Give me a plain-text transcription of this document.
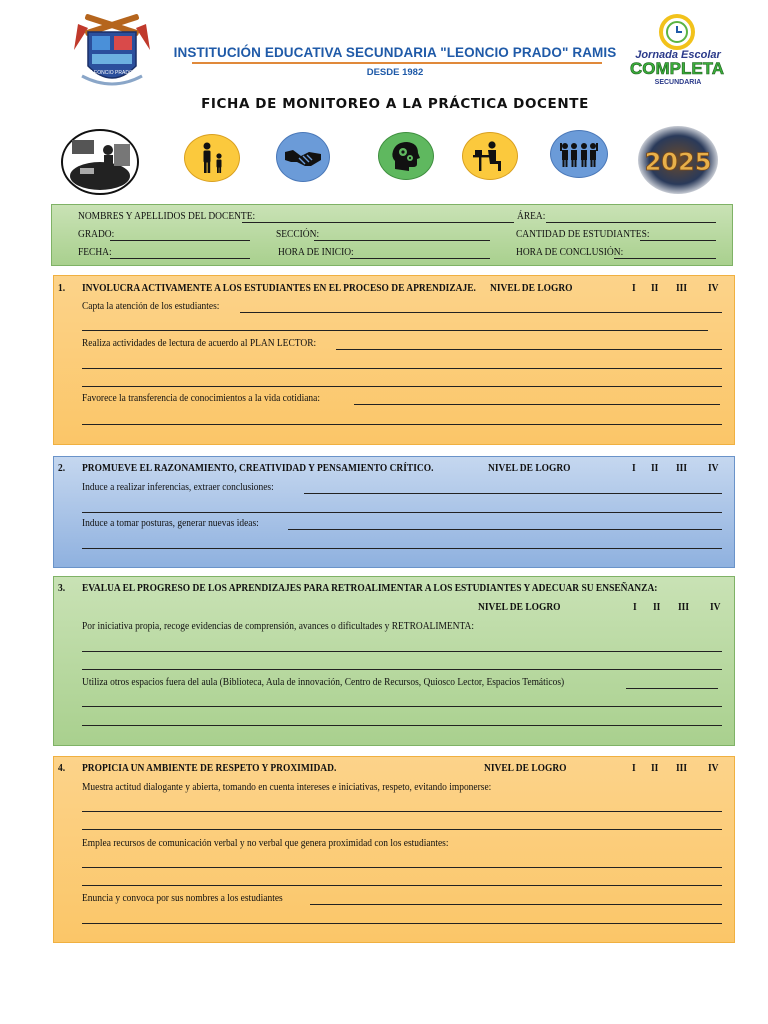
LEONCIO PRADO
INSTITUCIÓN EDUCATIVA SECUNDARIA "LEONCIO PRADO" RAMIS
DESDE 1982
Jornada Escolar
COMPLETA
SECUNDARIA
FICHA DE MONITOREO A LA PRÁCTICA DOCENTE
2025
NOMBRES Y APELLIDOS DEL DOCENTE:	ÁREA:
GRADO:	SECCIÓN:	CANTIDAD DE ESTUDIANTES:
FECHA:	HORA DE INICIO:	HORA DE CONCLUSIÓN:
1. INVOLUCRA ACTIVAMENTE A LOS ESTUDIANTES EN EL PROCESO DE APRENDIZAJE. NIVEL DE LOGRO	I II III IV
Capta la atención de los estudiantes:
Realiza actividades de lectura de acuerdo al PLAN LECTOR:
Favorece la transferencia de conocimientos a la vida cotidiana:
2. PROMUEVE EL RAZONAMIENTO, CREATIVIDAD Y PENSAMIENTO CRÍTICO.	NIVEL DE LOGRO	I II III IV
Induce a realizar inferencias, extraer conclusiones:
Induce a tomar posturas, generar nuevas ideas:
3. EVALUA EL PROGRESO DE LOS APRENDIZAJES PARA RETROALIMENTAR A LOS ESTUDIANTES Y ADECUAR SU ENSEÑANZA:
NIVEL DE LOGRO	I II III IV
Por iniciativa propia, recoge evidencias de comprensión, avances o dificultades y RETROALIMENTA:
Utiliza otros espacios fuera del aula (Biblioteca, Aula de innovación, Centro de Recursos, Quiosco Lector, Espacios Temáticos)
4. PROPICIA UN AMBIENTE DE RESPETO Y PROXIMIDAD.	NIVEL DE LOGRO	I II III IV
Muestra actitud dialogante y abierta, tomando en cuenta intereses e iniciativas, respeto, evitando imponerse:
Emplea recursos de comunicación verbal y no verbal que genera proximidad con los estudiantes:
Enuncia y convoca por sus nombres a los estudiantes
